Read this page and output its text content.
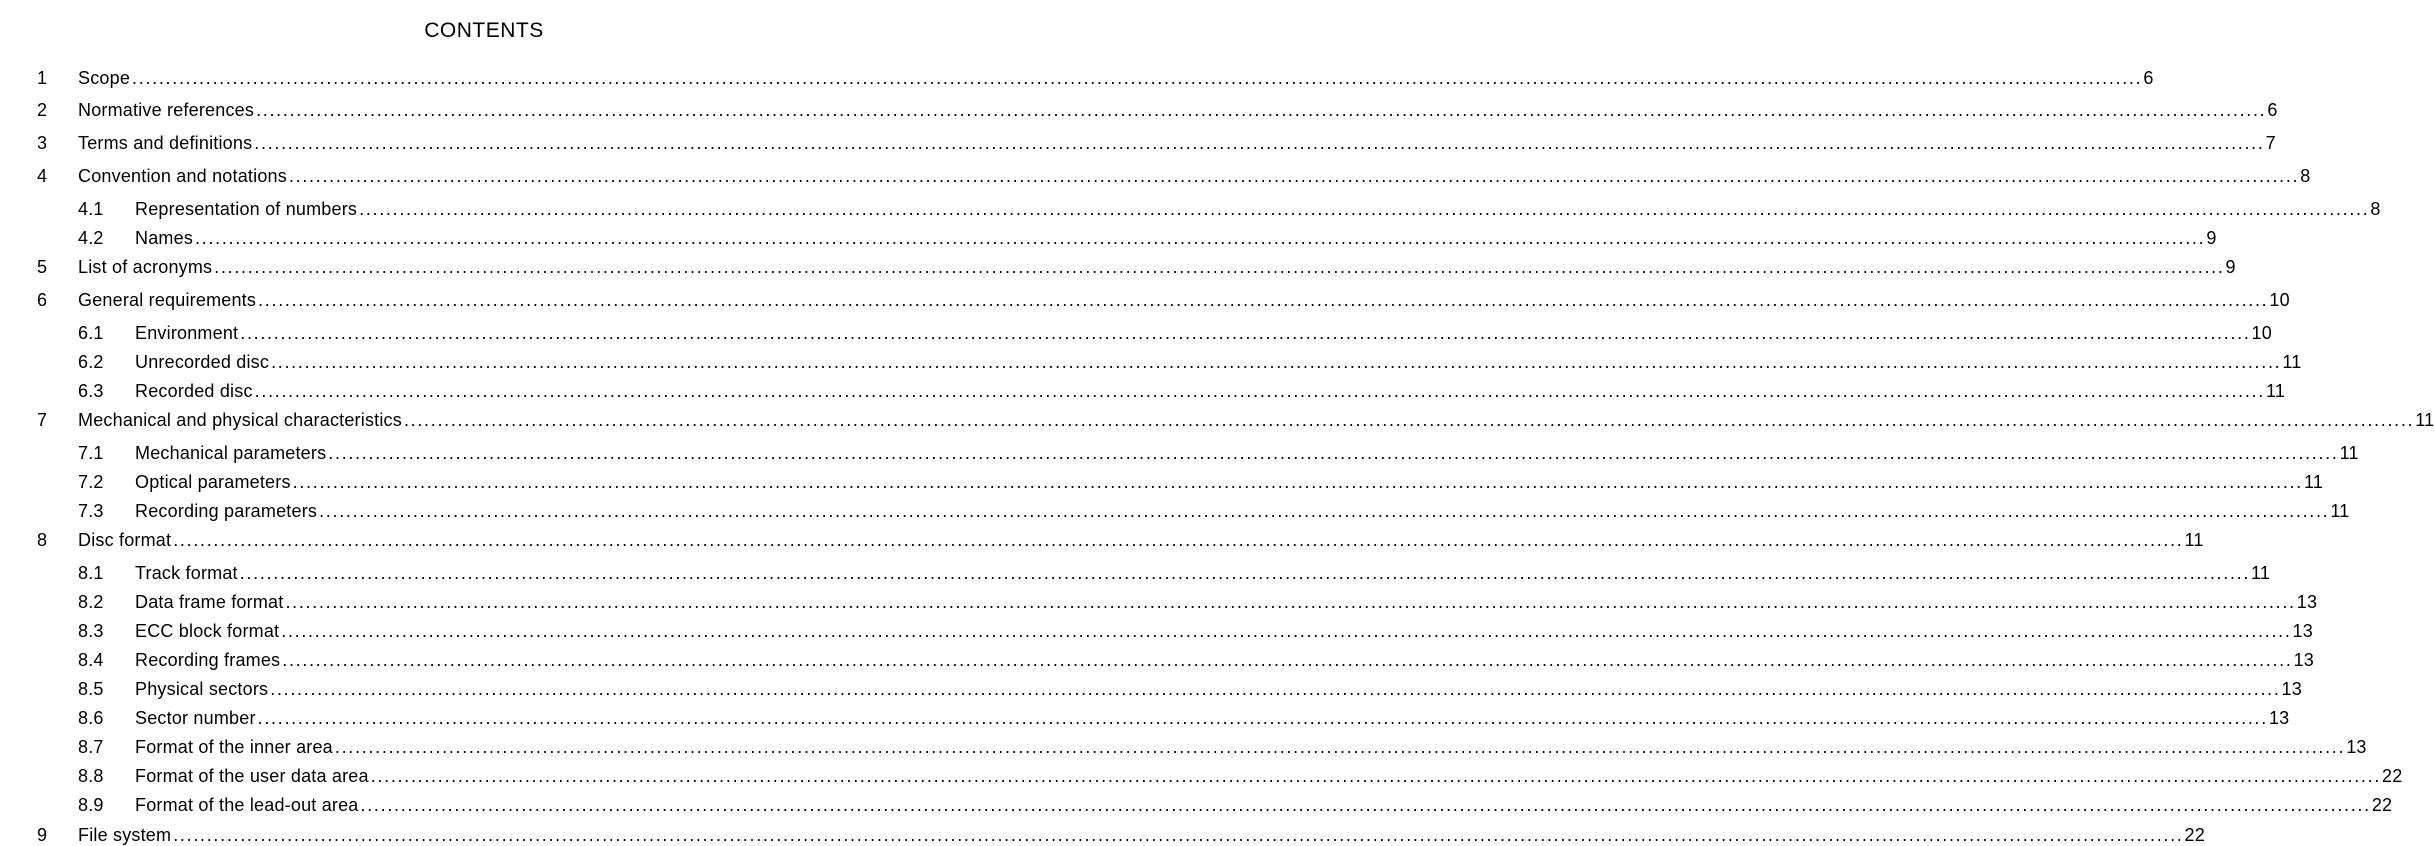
CONTENTS
1 Scope ............................................................................................................................................................................................................................................................................................................ 6
2 Normative references ............................................................................................................................................................................................................................................................................................................ 6
3 Terms and definitions ............................................................................................................................................................................................................................................................................................................ 7
4 Convention and notations ............................................................................................................................................................................................................................................................................................................ 8
4.1 Representation of numbers ............................................................................................................................................................................................................................................................................................................ 8
4.2 Names ............................................................................................................................................................................................................................................................................................................ 9
5 List of acronyms ............................................................................................................................................................................................................................................................................................................ 9
6 General requirements ............................................................................................................................................................................................................................................................................................................ 10
6.1 Environment ............................................................................................................................................................................................................................................................................................................ 10
6.2 Unrecorded disc ............................................................................................................................................................................................................................................................................................................ 11
6.3 Recorded disc ............................................................................................................................................................................................................................................................................................................ 11
7 Mechanical and physical characteristics ............................................................................................................................................................................................................................................................................................................ 11
7.1 Mechanical parameters ............................................................................................................................................................................................................................................................................................................ 11
7.2 Optical parameters ............................................................................................................................................................................................................................................................................................................ 11
7.3 Recording parameters ............................................................................................................................................................................................................................................................................................................ 11
8 Disc format ............................................................................................................................................................................................................................................................................................................ 11
8.1 Track format ............................................................................................................................................................................................................................................................................................................ 11
8.2 Data frame format ............................................................................................................................................................................................................................................................................................................ 13
8.3 ECC block format ............................................................................................................................................................................................................................................................................................................ 13
8.4 Recording frames ............................................................................................................................................................................................................................................................................................................ 13
8.5 Physical sectors ............................................................................................................................................................................................................................................................................................................ 13
8.6 Sector number ............................................................................................................................................................................................................................................................................................................ 13
8.7 Format of the inner area ............................................................................................................................................................................................................................................................................................................ 13
8.8 Format of the user data area ............................................................................................................................................................................................................................................................................................................ 22
8.9 Format of the lead-out area ............................................................................................................................................................................................................................................................................................................ 22
9 File system ............................................................................................................................................................................................................................................................................................................ 22
